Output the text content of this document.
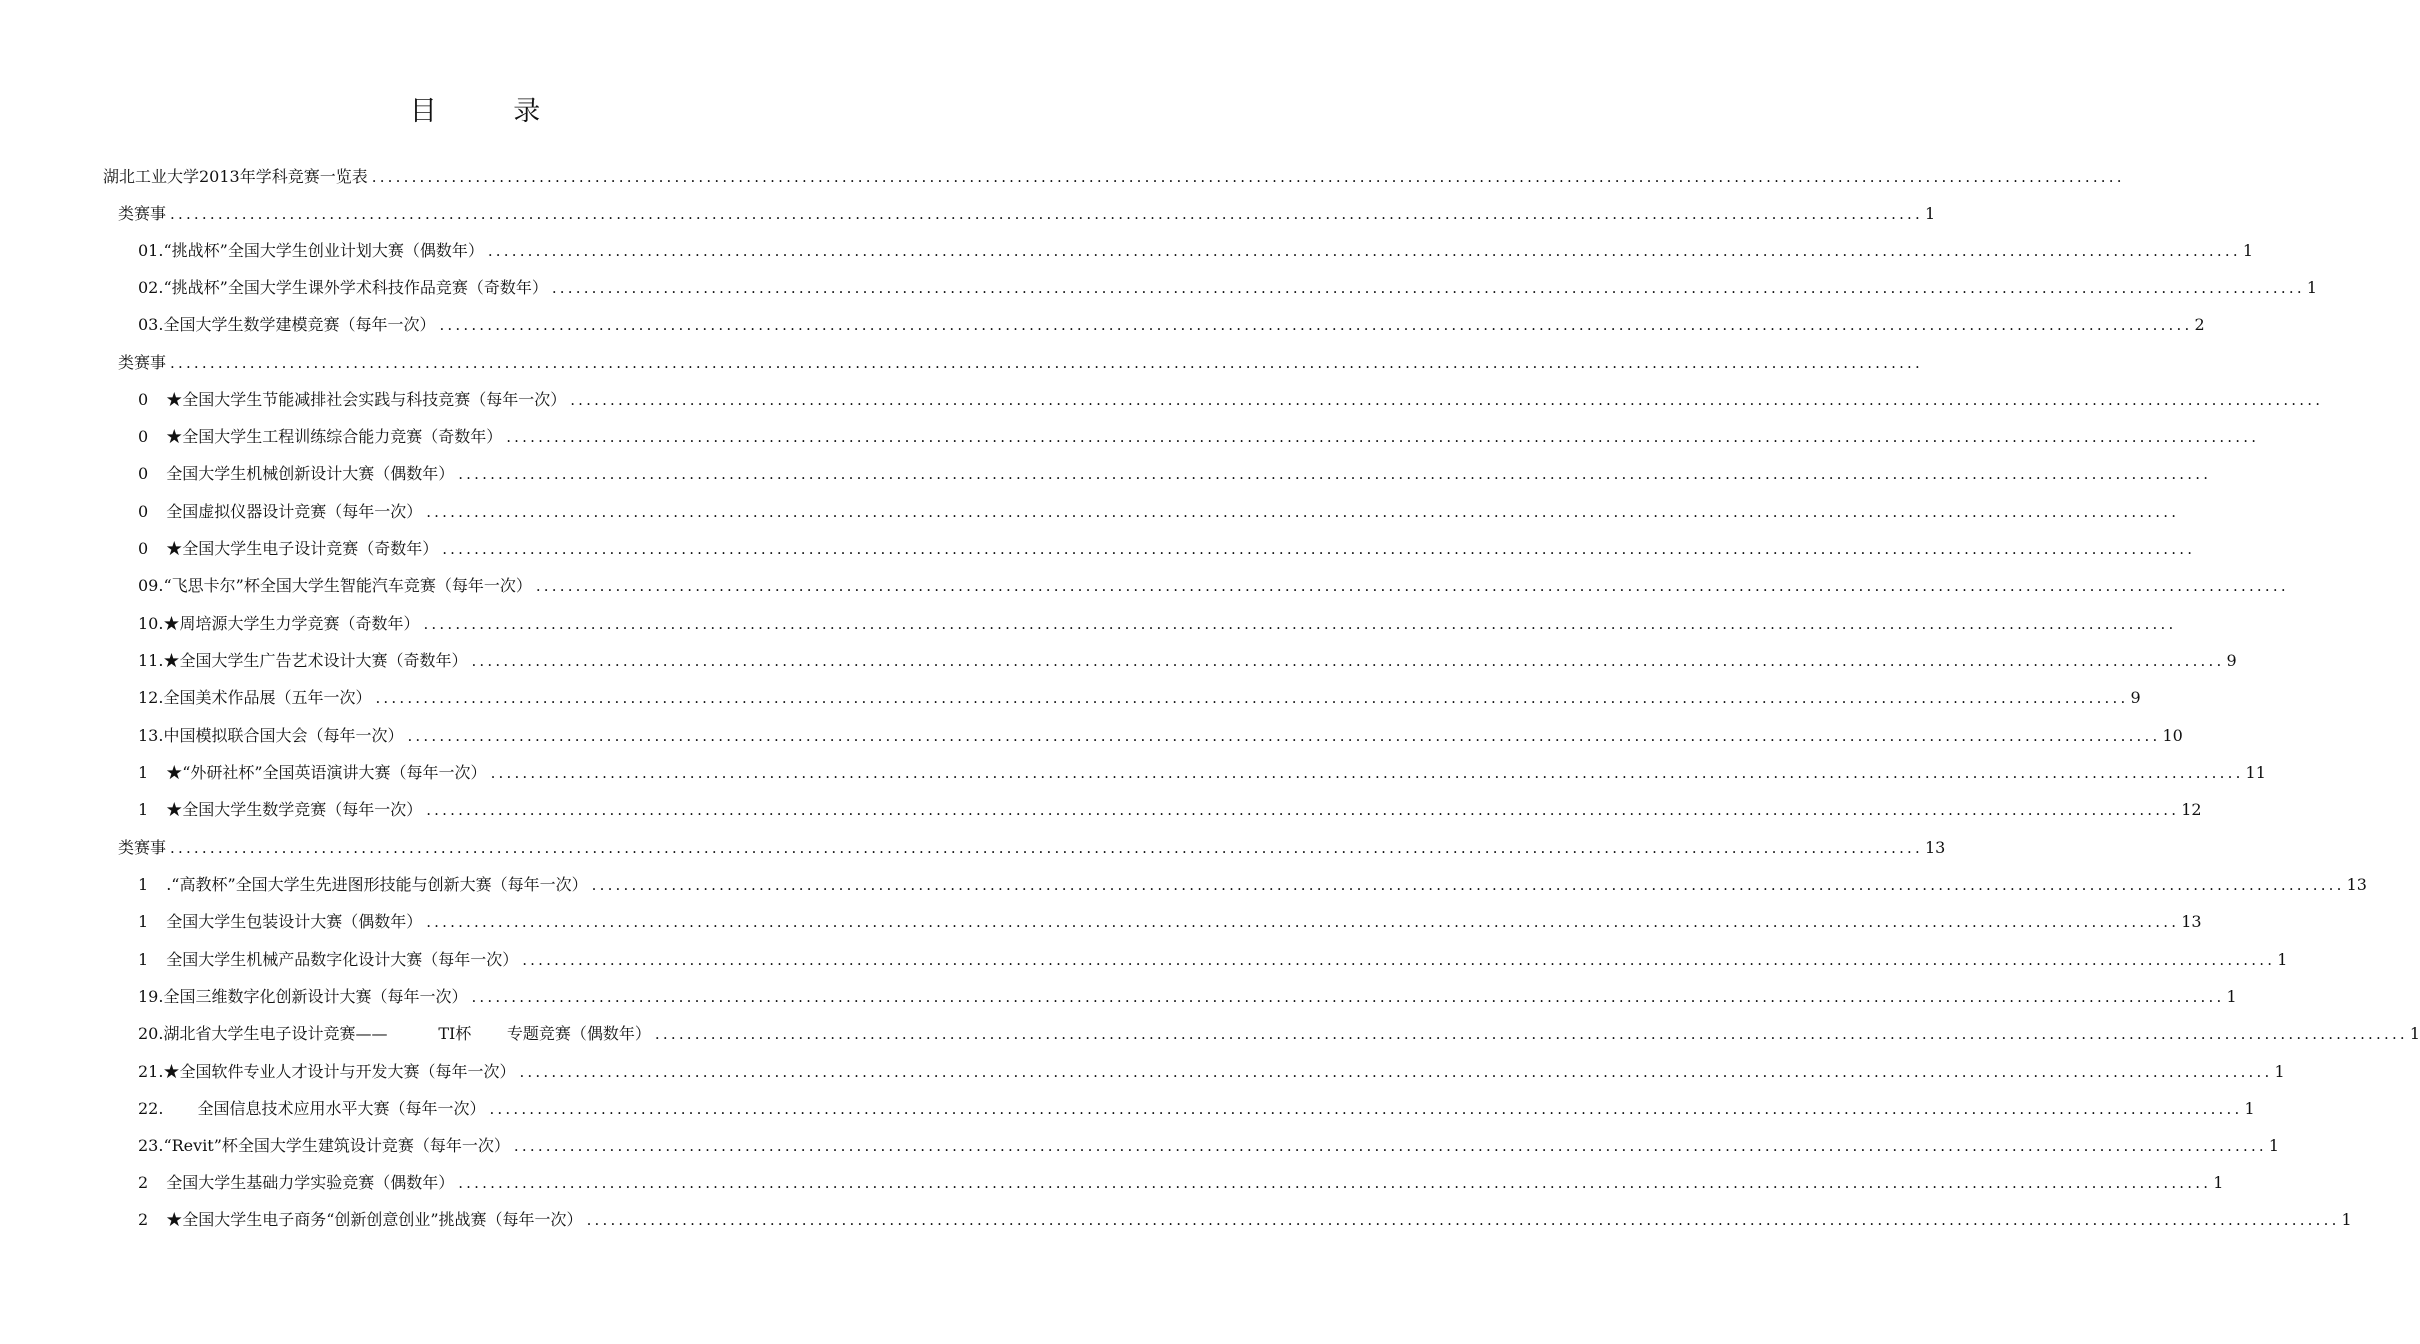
目 录
湖北工业大学2013年学科竞赛一览表 ............................................................................................................................................................................................................................
类赛事 ............................................................................................................................................................................................................................ 1
01. “挑战杯”全国大学生创业计划大赛（偶数年） ............................................................................................................................................................................................................................ 1
02. “挑战杯”全国大学生课外学术科技作品竞赛（奇数年） ............................................................................................................................................................................................................................ 1
03. 全国大学生数学建模竞赛（每年一次） ............................................................................................................................................................................................................................ 2
类赛事 ............................................................................................................................................................................................................................
0 ★全国大学生节能减排社会实践与科技竞赛（每年一次） ............................................................................................................................................................................................................................
0 ★全国大学生工程训练综合能力竞赛（奇数年） ............................................................................................................................................................................................................................
0 全国大学生机械创新设计大赛（偶数年） ............................................................................................................................................................................................................................
0 全国虚拟仪器设计竞赛（每年一次） ............................................................................................................................................................................................................................
0 ★全国大学生电子设计竞赛（奇数年） ............................................................................................................................................................................................................................
09. “飞思卡尔”杯全国大学生智能汽车竞赛（每年一次） ............................................................................................................................................................................................................................
10. ★周培源大学生力学竞赛（奇数年） ............................................................................................................................................................................................................................
11. ★全国大学生广告艺术设计大赛（奇数年） ............................................................................................................................................................................................................................ 9
12. 全国美术作品展（五年一次） ............................................................................................................................................................................................................................ 9
13. 中国模拟联合国大会（每年一次） ............................................................................................................................................................................................................................ 10
1 ★“外研社杯”全国英语演讲大赛（每年一次） ............................................................................................................................................................................................................................ 11
1 ★全国大学生数学竞赛（每年一次） ............................................................................................................................................................................................................................ 12
类赛事 ............................................................................................................................................................................................................................ 13
1 .“高教杯”全国大学生先进图形技能与创新大赛（每年一次） ............................................................................................................................................................................................................................ 13
1 全国大学生包装设计大赛（偶数年） ............................................................................................................................................................................................................................ 13
1 全国大学生机械产品数字化设计大赛（每年一次） ............................................................................................................................................................................................................................ 1
19. 全国三维数字化创新设计大赛（每年一次） ............................................................................................................................................................................................................................ 1
20. 湖北省大学生电子设计竞赛——          TI杯       专题竞赛（偶数年） ............................................................................................................................................................................................................................ 1
21. ★全国软件专业人才设计与开发大赛（每年一次） ............................................................................................................................................................................................................................ 1
22. 全国信息技术应用水平大赛（每年一次） ............................................................................................................................................................................................................................ 1
23. “Revit”杯全国大学生建筑设计竞赛（每年一次） ............................................................................................................................................................................................................................ 1
2 全国大学生基础力学实验竞赛（偶数年） ............................................................................................................................................................................................................................ 1
2 ★全国大学生电子商务“创新创意创业”挑战赛（每年一次） ............................................................................................................................................................................................................................ 1
